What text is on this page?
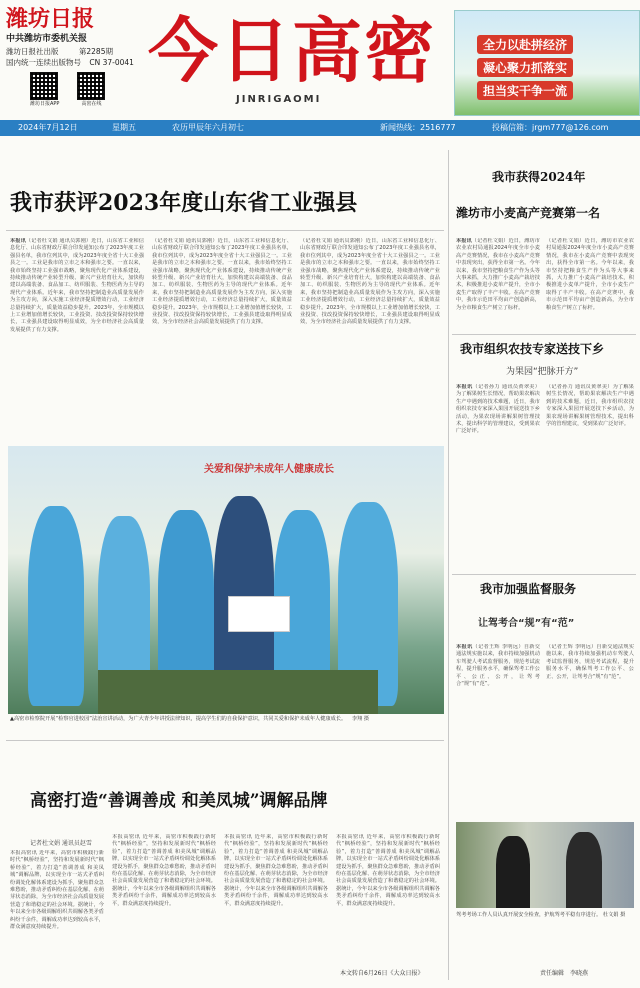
潍坊日报
中共潍坊市委机关报
潍坊日报社出版	第2285期
国内统一连续出版物号 CN 37-0041
潍坊日报APP	高密在线
今日高密
JINRIGAOMI
全力以赴拼经济
凝心聚力抓落实
担当实干争一流
2024年7月12日	星期五	农历甲辰年六月初七	新闻热线：2516777	投稿信箱：jrgm777@126.com
我市获评2023年度山东省工业强县
本报讯（记者杜文娟 通讯员郭刚）近日，山东省工业和信息化厅、山东省财政厅联合印发通知公布了2023年度工业强县名单，我市位列其中，成为2023年度全省十大工业强县之一。工业是我市的立市之本和强市之要。一直以来，我市始终坚持工业强市战略，聚焦现代化产业体系建设，持续推动传统产业转型升级、新兴产业培育壮大，加快构建以高端装备、食品加工、纺织服装、生物医药为主导的现代产业体系。近年来，我市坚持把制造业高质量发展作为主攻方向，深入实施工业经济提质增效行动，工业经济总量持续扩大，质量效益稳步提升。2023年，全市规模以上工业增加值增长较快，工业投资、技改投资保持较快增长，工业强县建设取得明显成效，为全市经济社会高质量发展提供了有力支撑。
（记者杜文娟 通讯员郭刚）近日，山东省工业和信息化厅、山东省财政厅联合印发通知公布了2023年度工业强县名单，我市位列其中，成为2023年度全省十大工业强县之一。工业是我市的立市之本和强市之要。一直以来，我市始终坚持工业强市战略，聚焦现代化产业体系建设，持续推动传统产业转型升级、新兴产业培育壮大，加快构建以高端装备、食品加工、纺织服装、生物医药为主导的现代产业体系。近年来，我市坚持把制造业高质量发展作为主攻方向，深入实施工业经济提质增效行动，工业经济总量持续扩大，质量效益稳步提升。2023年，全市规模以上工业增加值增长较快，工业投资、技改投资保持较快增长，工业强县建设取得明显成效，为全市经济社会高质量发展提供了有力支撑。
（记者杜文娟 通讯员郭刚）近日，山东省工业和信息化厅、山东省财政厅联合印发通知公布了2023年度工业强县名单，我市位列其中，成为2023年度全省十大工业强县之一。工业是我市的立市之本和强市之要。一直以来，我市始终坚持工业强市战略，聚焦现代化产业体系建设，持续推动传统产业转型升级、新兴产业培育壮大，加快构建以高端装备、食品加工、纺织服装、生物医药为主导的现代产业体系。近年来，我市坚持把制造业高质量发展作为主攻方向，深入实施工业经济提质增效行动，工业经济总量持续扩大，质量效益稳步提升。2023年，全市规模以上工业增加值增长较快，工业投资、技改投资保持较快增长，工业强县建设取得明显成效，为全市经济社会高质量发展提供了有力支撑。
关爱和保护未成年人健康成长
▲高密市检察院开展“检察官进校园”法治宣讲活动，为广大青少年讲授法律知识，提高学生们的自我保护意识，共同关爱和保护未成年人健康成长。 李翔 摄
高密打造“善调善成 和美凤城”调解品牌
记者杜文娟 通讯员赵雪
本报高密讯 近年来，高密市积极践行新时代“枫桥经验”，坚持和发展新时代“枫桥经验”，着力打造“善调善成 和美凤城”调解品牌，以实现全市一站式矛盾纠纷调处化解体系建设为抓手，聚焦群众急难愁盼，推动矛盾纠纷在基层化解、在萌芽状态消除，为全市经济社会高质量发展营造了和谐稳定的社会环境。据统计，今年以来全市各级调解组织共调解各类矛盾纠纷千余件，调解成功率达到较高水平，群众满意度持续提升。
本报高密讯 近年来，高密市积极践行新时代“枫桥经验”，坚持和发展新时代“枫桥经验”，着力打造“善调善成 和美凤城”调解品牌，以实现全市一站式矛盾纠纷调处化解体系建设为抓手，聚焦群众急难愁盼，推动矛盾纠纷在基层化解、在萌芽状态消除，为全市经济社会高质量发展营造了和谐稳定的社会环境。据统计，今年以来全市各级调解组织共调解各类矛盾纠纷千余件，调解成功率达到较高水平，群众满意度持续提升。
本报高密讯 近年来，高密市积极践行新时代“枫桥经验”，坚持和发展新时代“枫桥经验”，着力打造“善调善成 和美凤城”调解品牌，以实现全市一站式矛盾纠纷调处化解体系建设为抓手，聚焦群众急难愁盼，推动矛盾纠纷在基层化解、在萌芽状态消除，为全市经济社会高质量发展营造了和谐稳定的社会环境。据统计，今年以来全市各级调解组织共调解各类矛盾纠纷千余件，调解成功率达到较高水平，群众满意度持续提升。
本报高密讯 近年来，高密市积极践行新时代“枫桥经验”，坚持和发展新时代“枫桥经验”，着力打造“善调善成 和美凤城”调解品牌，以实现全市一站式矛盾纠纷调处化解体系建设为抓手，聚焦群众急难愁盼，推动矛盾纠纷在基层化解、在萌芽状态消除，为全市经济社会高质量发展营造了和谐稳定的社会环境。据统计，今年以来全市各级调解组织共调解各类矛盾纠纷千余件，调解成功率达到较高水平，群众满意度持续提升。
本文转自6月26日《大众日报》
我市获得2024年
潍坊市小麦高产竞赛第一名
本报讯（记者杜文娟）近日，潍坊市农业农村局通报2024年度全市小麦高产竞赛情况，我市在小麦高产竞赛中表现突出，获得全市第一名。今年以来，我市坚持把粮食生产作为头等大事来抓，大力推广小麦高产栽培技术，积极推进小麦单产提升，全市小麦生产取得了丰产丰收。在高产竞赛中，我市示范田平均亩产创造新高，为全市粮食生产树立了标杆。
（记者杜文娟）近日，潍坊市农业农村局通报2024年度全市小麦高产竞赛情况，我市在小麦高产竞赛中表现突出，获得全市第一名。今年以来，我市坚持把粮食生产作为头等大事来抓，大力推广小麦高产栽培技术，积极推进小麦单产提升，全市小麦生产取得了丰产丰收。在高产竞赛中，我市示范田平均亩产创造新高，为全市粮食生产树立了标杆。
我市组织农技专家送技下乡
为果园“把脉开方”
本报讯（记者孙力 通讯员黄翠美）为了解果树生长情况，帮助果农解决生产中遇到的技术难题，近日，我市组织农技专家深入果园开展送技下乡活动，为果农现场讲解果树管理技术，提出科学的管理建议，受到果农广泛好评。
（记者孙力 通讯员黄翠美）为了解果树生长情况，帮助果农解决生产中遇到的技术难题，近日，我市组织农技专家深入果园开展送技下乡活动，为果农现场讲解果树管理技术，提出科学的管理建议，受到果农广泛好评。
我市加强监督服务
让驾考合“规”有“范”
本报讯（记者王辉 李明远）自新交通法规实施以来，我市持续加强机动车驾驶人考试监督服务，规范考试流程，提升服务水平，确保驾考工作公平、公正、公开，让驾考合“规”有“范”。
（记者王辉 李明远）自新交通法规实施以来，我市持续加强机动车驾驶人考试监督服务，规范考试流程，提升服务水平，确保驾考工作公平、公正、公开，让驾考合“规”有“范”。
驾考考场工作人员认真开展安全检查，护航驾考平稳有序进行。 杜文娟 摄
责任编辑 李晓燕
